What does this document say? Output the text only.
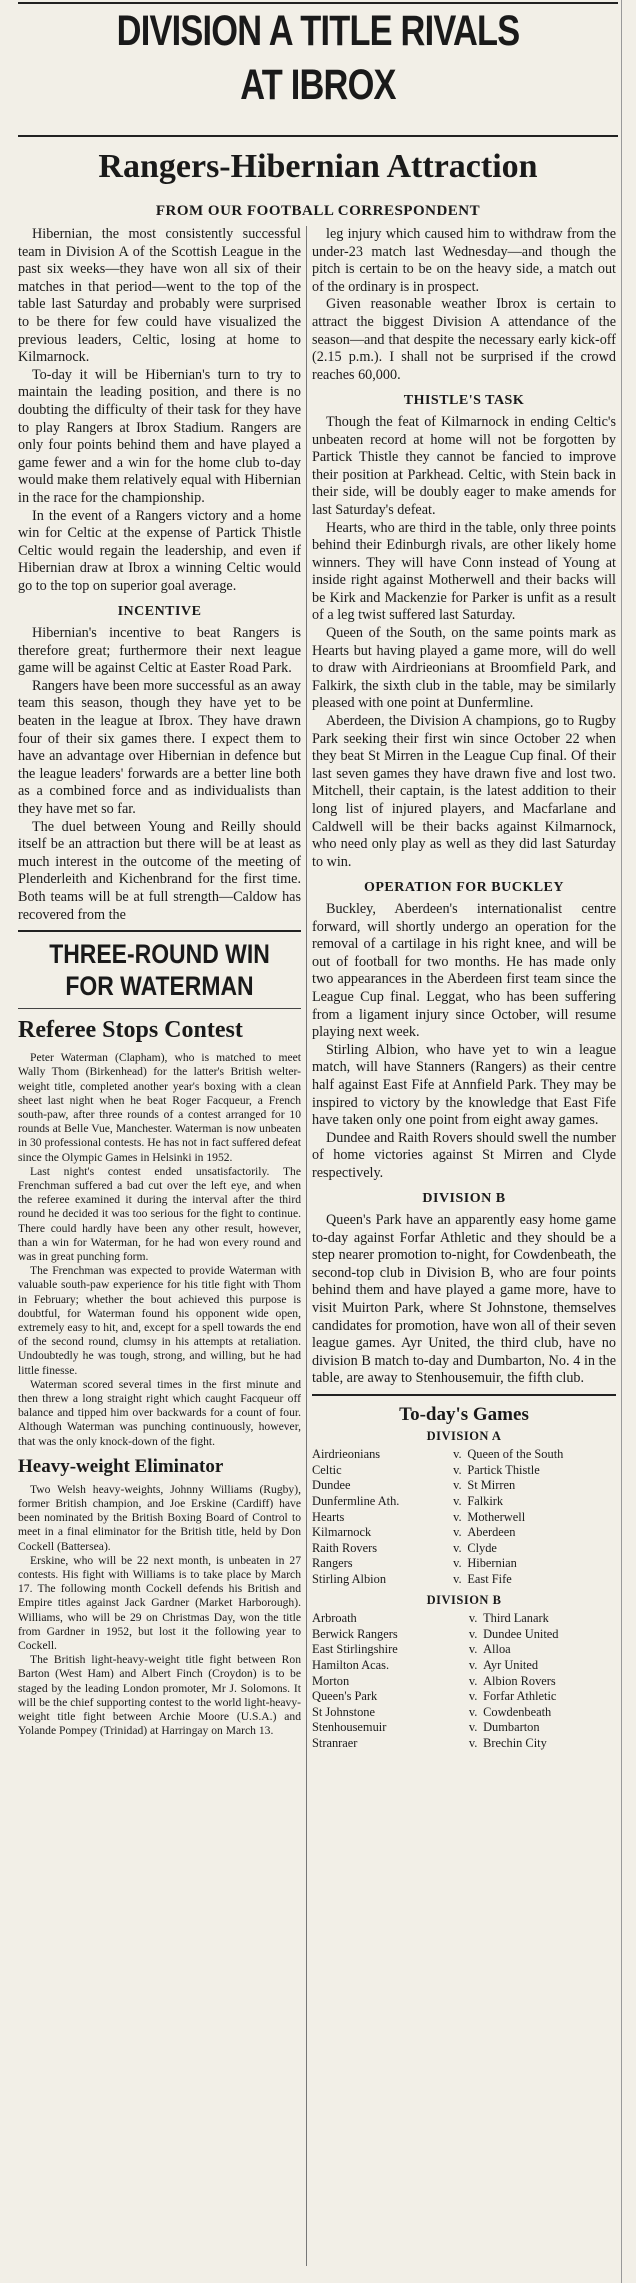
DIVISION A TITLE RIVALS
AT IBROX
Rangers-Hibernian Attraction
FROM OUR FOOTBALL CORRESPONDENT

Hibernian, the most consistently successful team in Division A of the Scottish League in the past six weeks—they have won all six of their matches in that period—went to the top of the table last Saturday and probably were surprised to be there for few could have visualized the previous leaders, Celtic, losing at home to Kilmarnock.

To-day it will be Hibernian's turn to try to maintain the leading position, and there is no doubting the difficulty of their task for they have to play Rangers at Ibrox Stadium. Rangers are only four points behind them and have played a game fewer and a win for the home club to-day would make them relatively equal with Hibernian in the race for the championship.

In the event of a Rangers victory and a home win for Celtic at the expense of Partick Thistle Celtic would regain the leadership, and even if Hibernian draw at Ibrox a winning Celtic would go to the top on superior goal average.

INCENTIVE

Hibernian's incentive to beat Rangers is therefore great; furthermore their next league game will be against Celtic at Easter Road Park.

Rangers have been more successful as an away team this season, though they have yet to be beaten in the league at Ibrox. They have drawn four of their six games there. I expect them to have an advantage over Hibernian in defence but the league leaders' forwards are a better line both as a combined force and as individualists than they have met so far.

The duel between Young and Reilly should itself be an attraction but there will be at least as much interest in the outcome of the meeting of Plenderleith and Kichenbrand for the first time. Both teams will be at full strength—Caldow has recovered from the

THREE-ROUND WIN
FOR WATERMAN
Referee Stops Contest

Peter Waterman (Clapham), who is matched to meet Wally Thom (Birkenhead) for the latter's British welter-weight title, completed another year's boxing with a clean sheet last night when he beat Roger Facqueur, a French south-paw, after three rounds of a contest arranged for 10 rounds at Belle Vue, Manchester. Waterman is now unbeaten in 30 professional contests. He has not in fact suffered defeat since the Olympic Games in Helsinki in 1952.

Last night's contest ended unsatisfactorily. The Frenchman suffered a bad cut over the left eye, and when the referee examined it during the interval after the third round he decided it was too serious for the fight to continue. There could hardly have been any other result, however, than a win for Waterman, for he had won every round and was in great punching form.

The Frenchman was expected to provide Waterman with valuable south-paw experience for his title fight with Thom in February; whether the bout achieved this purpose is doubtful, for Waterman found his opponent wide open, extremely easy to hit, and, except for a spell towards the end of the second round, clumsy in his attempts at retaliation. Undoubtedly he was tough, strong, and willing, but he had little finesse.

Waterman scored several times in the first minute and then threw a long straight right which caught Facqueur off balance and tipped him over backwards for a count of four. Although Waterman was punching continuously, however, that was the only knock-down of the fight.

Heavy-weight Eliminator

Two Welsh heavy-weights, Johnny Williams (Rugby), former British champion, and Joe Erskine (Cardiff) have been nominated by the British Boxing Board of Control to meet in a final eliminator for the British title, held by Don Cockell (Battersea).

Erskine, who will be 22 next month, is unbeaten in 27 contests. His fight with Williams is to take place by March 17. The following month Cockell defends his British and Empire titles against Jack Gardner (Market Harborough). Williams, who will be 29 on Christmas Day, won the title from Gardner in 1952, but lost it the following year to Cockell.

The British light-heavy-weight title fight between Ron Barton (West Ham) and Albert Finch (Croydon) is to be staged by the leading London promoter, Mr J. Solomons. It will be the chief supporting contest to the world light-heavy-weight title fight between Archie Moore (U.S.A.) and Yolande Pompey (Trinidad) at Harringay on March 13.

leg injury which caused him to withdraw from the under-23 match last Wednesday—and though the pitch is certain to be on the heavy side, a match out of the ordinary is in prospect.

Given reasonable weather Ibrox is certain to attract the biggest Division A attendance of the season—and that despite the necessary early kick-off (2.15 p.m.). I shall not be surprised if the crowd reaches 60,000.

THISTLE'S TASK

Though the feat of Kilmarnock in ending Celtic's unbeaten record at home will not be forgotten by Partick Thistle they cannot be fancied to improve their position at Parkhead. Celtic, with Stein back in their side, will be doubly eager to make amends for last Saturday's defeat.

Hearts, who are third in the table, only three points behind their Edinburgh rivals, are other likely home winners. They will have Conn instead of Young at inside right against Motherwell and their backs will be Kirk and Mackenzie for Parker is unfit as a result of a leg twist suffered last Saturday.

Queen of the South, on the same points mark as Hearts but having played a game more, will do well to draw with Airdrieonians at Broomfield Park, and Falkirk, the sixth club in the table, may be similarly pleased with one point at Dunfermline.

Aberdeen, the Division A champions, go to Rugby Park seeking their first win since October 22 when they beat St Mirren in the League Cup final. Of their last seven games they have drawn five and lost two. Mitchell, their captain, is the latest addition to their long list of injured players, and Macfarlane and Caldwell will be their backs against Kilmarnock, who need only play as well as they did last Saturday to win.

OPERATION FOR BUCKLEY

Buckley, Aberdeen's internationalist centre forward, will shortly undergo an operation for the removal of a cartilage in his right knee, and will be out of football for two months. He has made only two appearances in the Aberdeen first team since the League Cup final. Leggat, who has been suffering from a ligament injury since October, will resume playing next week.

Stirling Albion, who have yet to win a league match, will have Stanners (Rangers) as their centre half against East Fife at Annfield Park. They may be inspired to victory by the knowledge that East Fife have taken only one point from eight away games.

Dundee and Raith Rovers should swell the number of home victories against St Mirren and Clyde respectively.

DIVISION B

Queen's Park have an apparently easy home game to-day against Forfar Athletic and they should be a step nearer promotion to-night, for Cowdenbeath, the second-top club in Division B, who are four points behind them and have played a game more, have to visit Muirton Park, where St Johnstone, themselves candidates for promotion, have won all of their seven league games. Ayr United, the third club, have no division B match to-day and Dumbarton, No. 4 in the table, are away to Stenhousemuir, the fifth club.

To-day's Games
DIVISION A
Airdrieonians	v.	Queen of the South
Celtic	v.	Partick Thistle
Dundee	v.	St Mirren
Dunfermline Ath.	v.	Falkirk
Hearts	v.	Motherwell
Kilmarnock	v.	Aberdeen
Raith Rovers	v.	Clyde
Rangers	v.	Hibernian
Stirling Albion	v.	East Fife
DIVISION B
Arbroath	v.	Third Lanark
Berwick Rangers	v.	Dundee United
East Stirlingshire	v.	Alloa
Hamilton Acas.	v.	Ayr United
Morton	v.	Albion Rovers
Queen's Park	v.	Forfar Athletic
St Johnstone	v.	Cowdenbeath
Stenhousemuir	v.	Dumbarton
Stranraer	v.	Brechin City
